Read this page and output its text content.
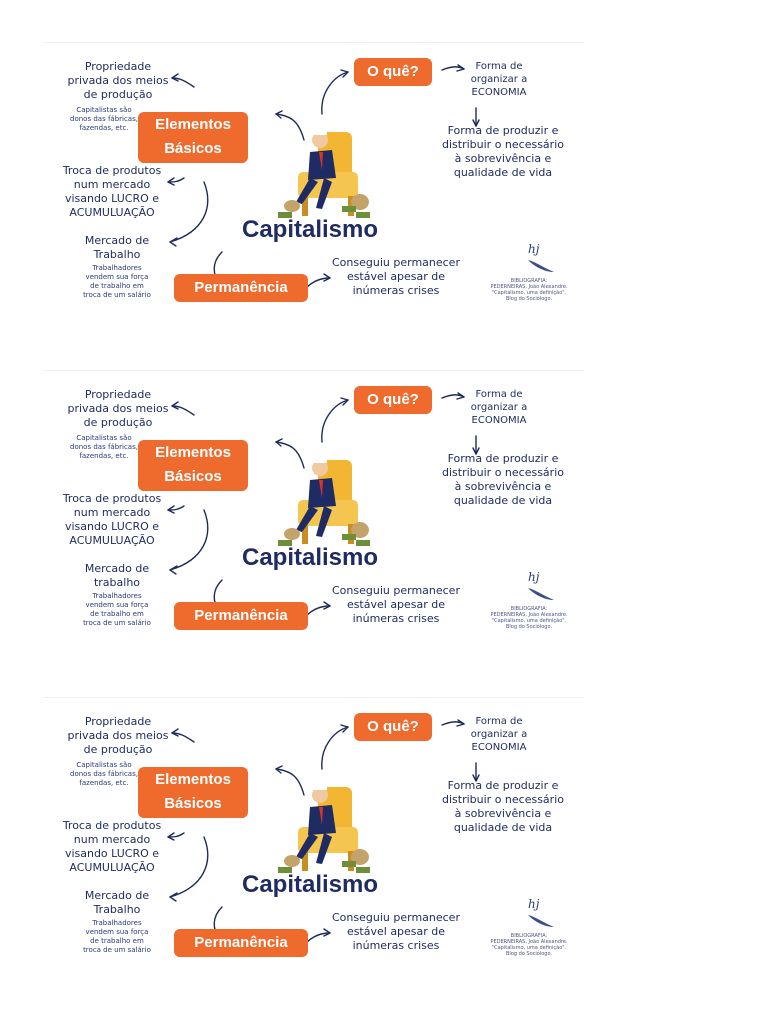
Propriedade
privada dos meios
de produção
Capitalistas são
donos das fábricas,
fazendas, etc.	Elementos
Básicos
Troca de produtos
num mercado
visando LUCRO e
ACUMULUAÇÃO
Mercado de
Trabalho
Trabalhadores
vendem sua força
de trabalho em
troca de um salário	Permanência
Capitalismo
O quê?	Forma de
organizar a
ECONOMIA
Forma de produzir e
distribuir o necessário
à sobrevivência e
qualidade de vida
Conseguiu permanecer
estável apesar de
inúmeras crises
hj
BIBLIOGRAFIA:
PEDERNEIRAS, João Alexandre.
"Capitalismo, uma definição".
Blog do Sociólogo.
Propriedade
privada dos meios
de produção
Capitalistas são
donos das fábricas,
fazendas, etc.	Elementos
Básicos
Troca de produtos
num mercado
visando LUCRO e
ACUMULUAÇÃO
Mercado de
trabalho
Trabalhadores
vendem sua força
de trabalho em
troca de um salário	Permanência
Capitalismo
O quê?	Forma de
organizar a
ECONOMIA
Forma de produzir e
distribuir o necessário
à sobrevivência e
qualidade de vida
Conseguiu permanecer
estável apesar de
inúmeras crises
hj
BIBLIOGRAFIA:
PEDERNEIRAS, João Alexandre.
"Capitalismo, uma definição".
Blog do Sociólogo.
Propriedade
privada dos meios
de produção
Capitalistas são
donos das fábricas,
fazendas, etc.	Elementos
Básicos
Troca de produtos
num mercado
visando LUCRO e
ACUMULUAÇÃO
Mercado de
Trabalho
Trabalhadores
vendem sua força
de trabalho em
troca de um salário	Permanência
Capitalismo
O quê?	Forma de
organizar a
ECONOMIA
Forma de produzir e
distribuir o necessário
à sobrevivência e
qualidade de vida
Conseguiu permanecer
estável apesar de
inúmeras crises
hj
BIBLIOGRAFIA:
PEDERNEIRAS, João Alexandre.
"Capitalismo, uma definição".
Blog do Sociólogo.
